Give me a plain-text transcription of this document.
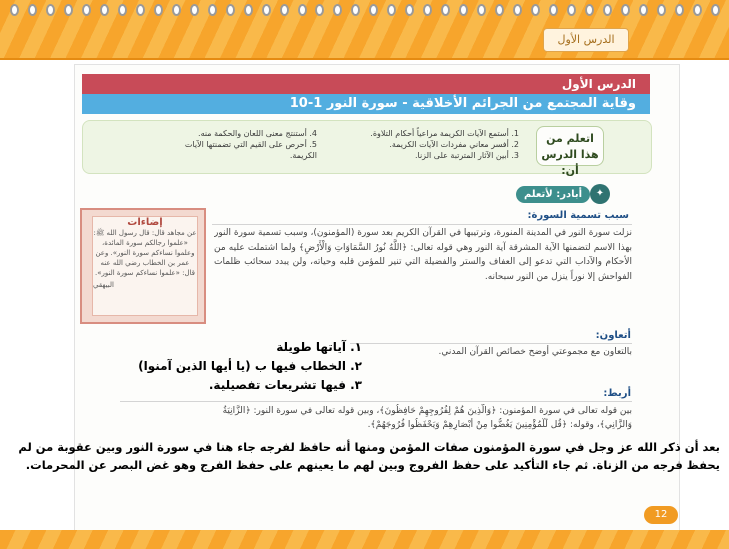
الدرس الأول
الدرس الأول
وقاية المجتمع من الجرائم الأخلاقية - سورة النور 1-10
اتعلم من
هذا الدرس أن:
1. أستمع الآيات الكريمة مراعياً أحكام التلاوة.
2. أفسر معاني مفردات الآيات الكريمة.
3. أبين الآثار المترتبة على الزنا.
4. أستنتج معنى اللعان والحكمة منه.
5. أحرص على القيم التي تضمنتها الآيات
الكريمة.
أبادر: لأتعلم	✦
سبب تسمية السورة:
نزلت سورة النور في المدينة المنورة، وترتيبها في القرآن الكريم بعد سورة (المؤمنون)، وسبب تسمية سورة النور بهذا الاسم لتضمنها الآية المشرقة آية النور وهي قوله تعالى: ﴿اللَّهُ نُورُ السَّمَاوَاتِ وَالْأَرْضِ﴾ ولما اشتملت عليه من الأحكام والآداب التي تدعو إلى العفاف والستر والفضيلة التي تنير للمؤمن قلبه وحياته، ولن يبدد سحائب ظلمات الفواحش إلا نوراً ينزل من النور سبحانه.
إضاءات
عن مجاهد قال: قال رسول الله ﷺ: «علموا رجالكم سورة المائدة، وعلموا نساءكم سورة النور». وعن عمر بن الخطاب رضي الله عنه قال: «علموا نساءكم سورة النور».
البيهقي
أتعاون:
بالتعاون مع مجموعتي أوضح خصائص القرآن المدني.
أربط:
بين قوله تعالى في سورة المؤمنون: ﴿وَالَّذِينَ هُمْ لِفُرُوجِهِمْ حَافِظُونَ﴾، وبين قوله تعالى في سورة النور: ﴿الزَّانِيَةُ
وَالزَّانِي﴾، وقوله: ﴿قُل لِّلْمُؤْمِنِينَ يَغُضُّوا مِنْ أَبْصَارِهِمْ وَيَحْفَظُوا فُرُوجَهُمْ﴾.
١. آياتها طويلة
٢. الخطاب فيها ب (يا أيها الذين آمنوا)
٣. فيها تشريعات تفصيلية.
بعد أن ذكر الله عز وجل في سورة المؤمنون صفات المؤمن ومنها أنه حافظ لفرجه جاء هنا في سورة النور وبين عقوبة من لم يحفظ فرجه من الزناة. ثم جاء التأكيد على حفظ الفروج وبين لهم ما يعينهم على حفظ الفرج وهو غض البصر عن المحرمات.
12
